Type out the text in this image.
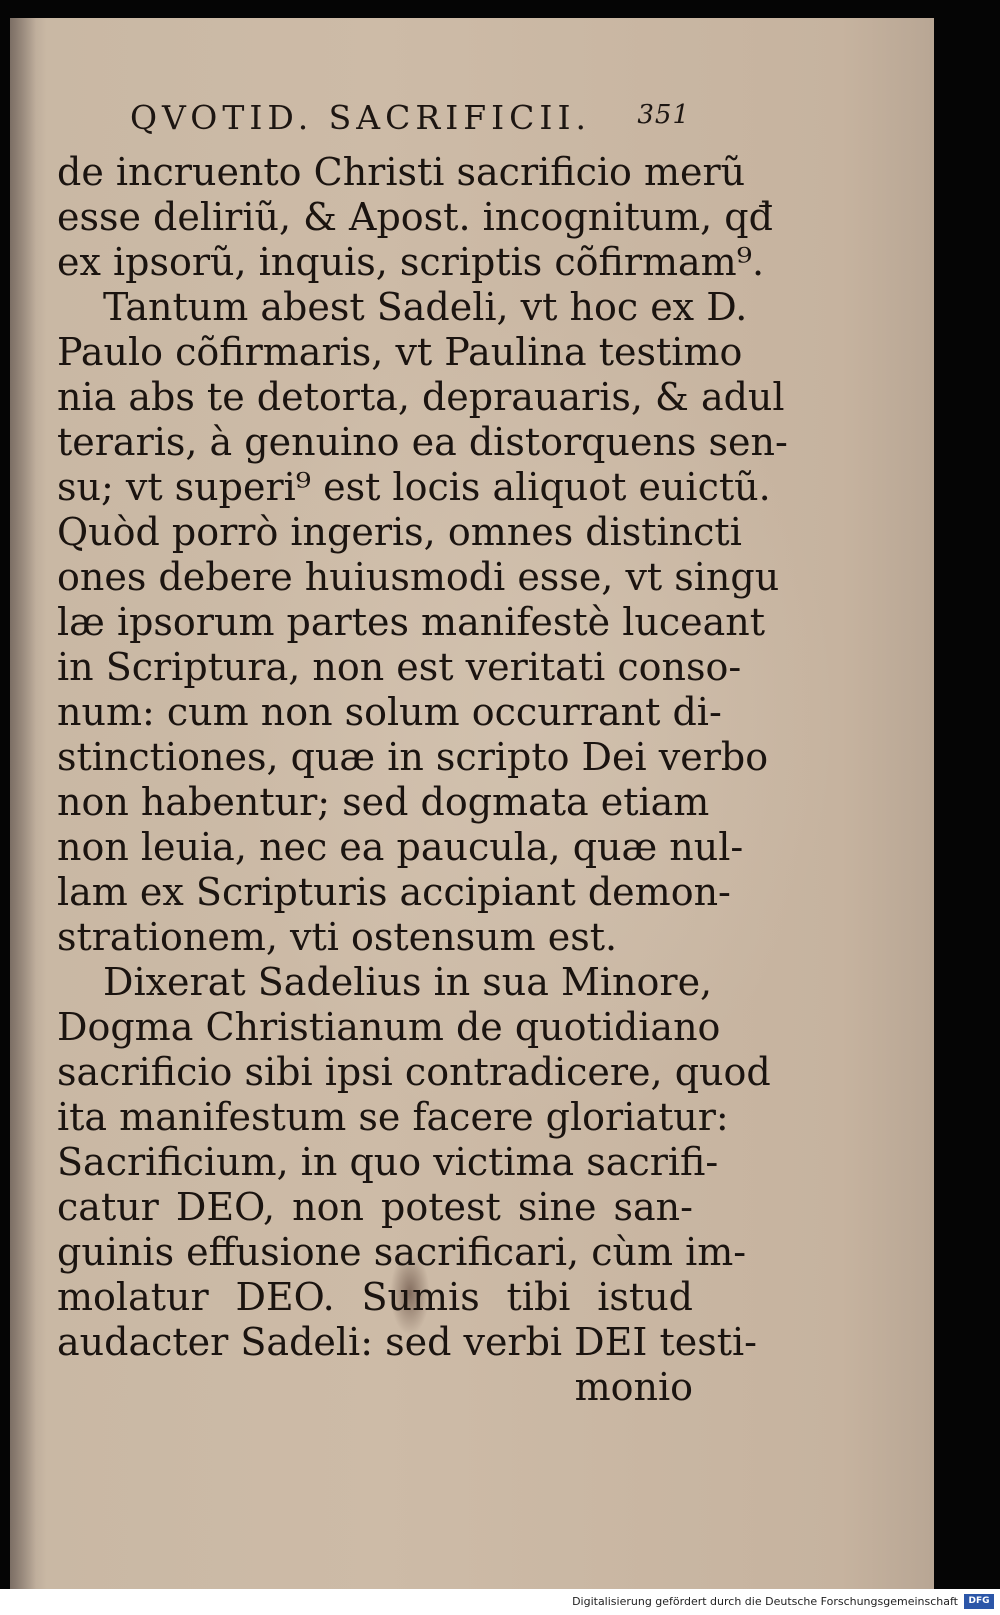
QVOTID. SACRIFICII. 351
de incruento Christi sacrificio merũ
esse deliriũ, & Apost. incognitum, qđ
ex ipsorũ, inquis, scriptis cõfirmam⁹.
Tantum abest Sadeli, vt hoc ex D.
Paulo cõfirmaris, vt Paulina testimo
nia abs te detorta, deprauaris, & adul
teraris, à genuino ea distorquens sen-
su; vt superi⁹ est locis aliquot euictũ.
Quòd porrò ingeris, omnes distincti
ones debere huiusmodi esse, vt singu
læ ipsorum partes manifestè luceant
in Scriptura, non est veritati conso-
num: cum non solum occurrant di-
stinctiones, quæ in scripto Dei verbo
non habentur; sed dogmata etiam
non leuia, nec ea paucula, quæ nul-
lam ex Scripturis accipiant demon-
strationem, vti ostensum est.
Dixerat Sadelius in sua Minore,
Dogma Christianum de quotidiano
sacrificio sibi ipsi contradicere, quod
ita manifestum se facere gloriatur:
Sacrificium, in quo victima sacrifi-
catur DEO, non potest sine san-
guinis effusione sacrificari, cùm im-
molatur DEO. Sumis tibi istud
audacter Sadeli: sed verbi DEI testi-
monio
Digitalisierung gefördert durch die Deutsche Forschungsgemeinschaft	DFG
